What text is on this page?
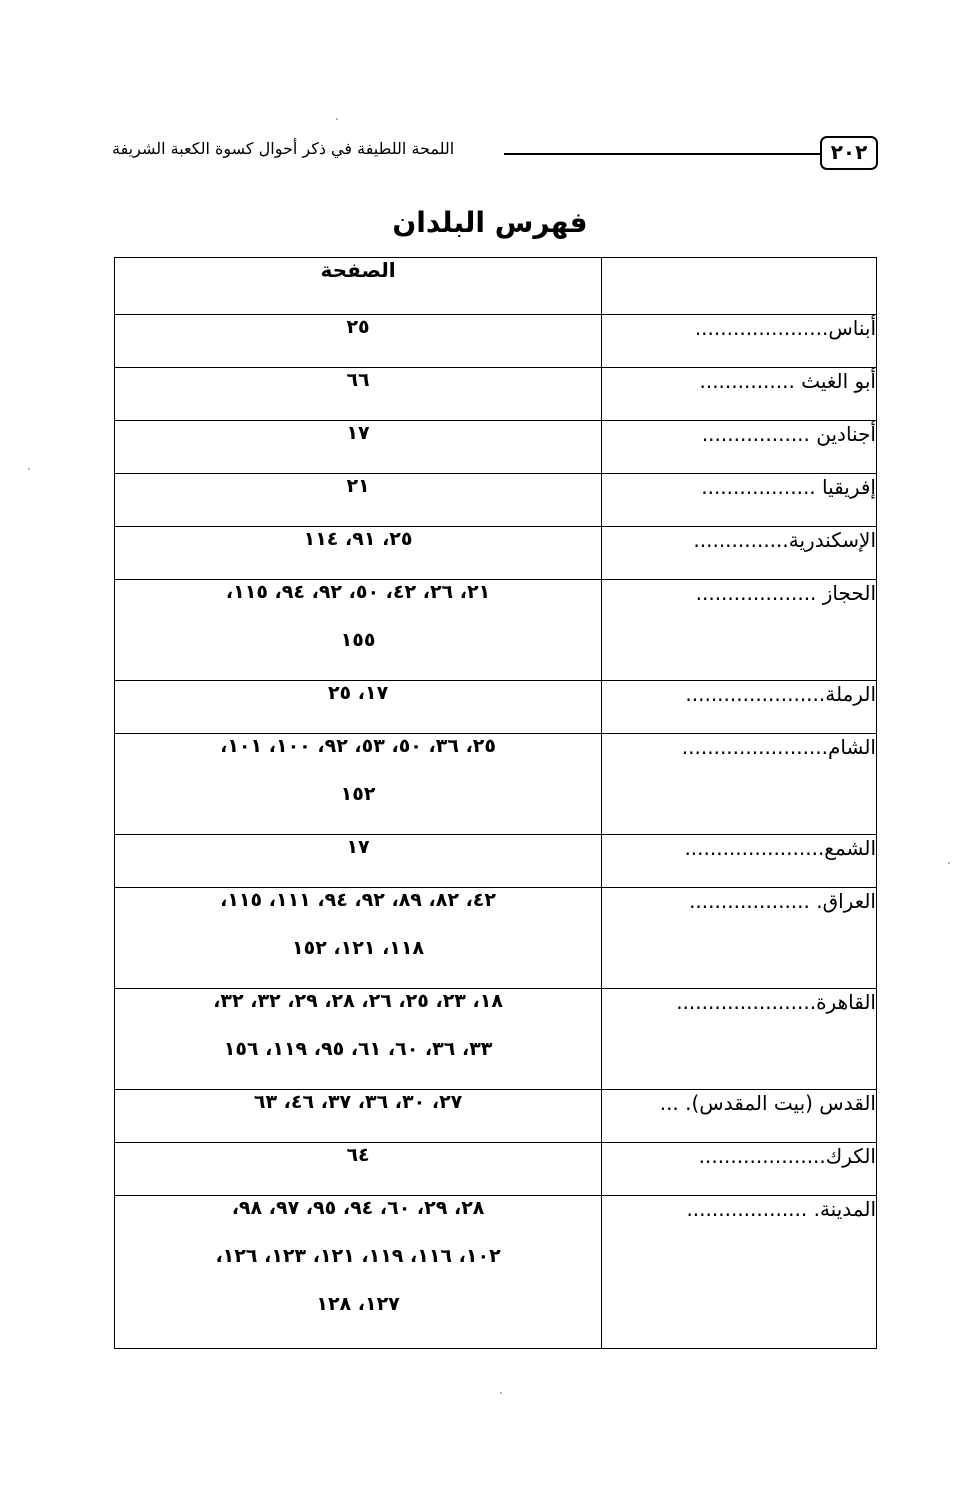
٢٠٢
اللمحة اللطيفة في ذكر أحوال كسوة الكعبة الشريفة
فهرس البلدان
	الصفحة
أبناس.....................	٢٥

أبو الغيث ...............	٦٦

أجنادين .................	١٧

إفريقيا ..................	٢١

الإسكندرية...............	٢٥، ٩١، ١١٤

الحجاز ...................	٢١، ٢٦، ٤٢، ٥٠، ٩٢، ٩٤، ١١٥،
١٥٥

الرملة......................	١٧، ٢٥

الشام.......................	٢٥، ٣٦، ٥٠، ٥٣، ٩٢، ١٠٠، ١٠١،
١٥٢

الشمع......................	١٧

العراق. ...................	٤٢، ٨٢، ٨٩، ٩٢، ٩٤، ١١١، ١١٥،
١١٨، ١٢١، ١٥٢

القاهرة......................	١٨، ٢٣، ٢٥، ٢٦، ٢٨، ٢٩، ٣٢، ٣٢،
٣٣، ٣٦، ٦٠، ٦١، ٩٥، ١١٩، ١٥٦

القدس (بيت المقدس). ...	٢٧، ٣٠، ٣٦، ٣٧، ٤٦، ٦٣

الكرك....................	٦٤

المدينة. ...................	٢٨، ٢٩، ٦٠، ٩٤، ٩٥، ٩٧، ٩٨،
١٠٢، ١١٦، ١١٩، ١٢١، ١٢٣، ١٢٦،
١٢٧، ١٢٨
